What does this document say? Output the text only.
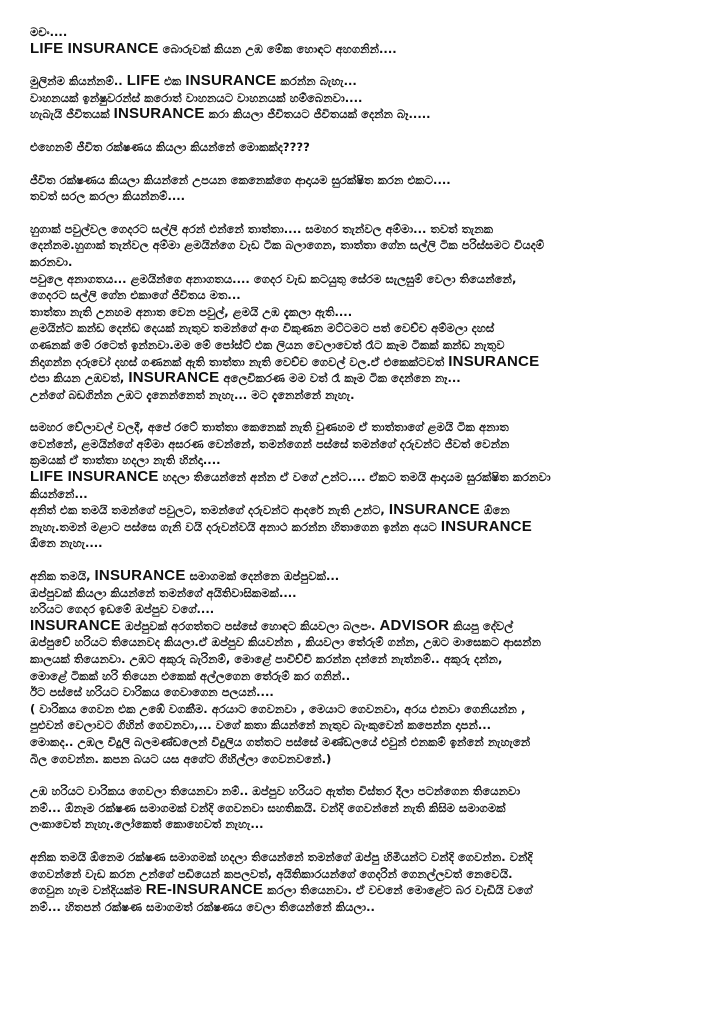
මචං....
LIFE INSURANCE බොරුවක් කියන උඹ මේක හොඳට අහගනින්....
මුලින්ම කියන්නම්.. LIFE එක INSURANCE කරන්න බැහැ...
වාහනයක් ඉන්ෂුවරන්ස් කරොත් වාහනයට වාහනයක් හම්බෙනවා....
හැබැයි ජීවිතයක් INSURANCE කරා කියලා ජීවිතයට ජීවිතයක් දෙන්න බෑ.....
එහෙනම් ජීවිත රක්ෂණය කියලා කියන්නේ මොකක්ද????
ජීවිත රක්ෂණය කියලා කියන්නේ උපයන කෙනෙක්ගෙ ආදායම සුරක්ෂිත කරන එකට....
තවත් සරල කරලා කියන්නම්....
හුගාක් පවුල්වල ගෙදරට සල්ලි අරන් එන්නේ තාත්තා.... සමහර තැන්වල අම්මා... තවත් තැනක
දෙන්නම.හුගාක් තැන්වල අම්මා ළමයින්ගෙ වැඩ ටික බලාගෙන, තාත්තා ගේන සල්ලි ටික පරිස්සමට වියදම්
කරනවා.
පවුලෙ අනාගතය... ළමයින්ගෙ අනාගතය.... ගෙදර වැඩ කටයුතු සේරම සැලසුම් වෙලා තියෙන්නේ,
ගෙදරට සල්ලි ගේන එකාගේ ජීවිතය මත...
තාත්තා නැති උනහම අනාත වෙන පවුල්, ළමයි උඹ දැකලා ඇති....
ළමයින්ට කන්ඩ දෙන්ඩ දෙයක් නැතුව තමන්ගේ අංග විකුණන මට්ටමට පත් වෙච්ච අම්මලා දහස්
ගණනක් මේ රටෙත් ඉන්නවා.මම මේ පෝස්ට් එක ලියන වෙලාවෙත් රෑට කෑම ටිකක් කන්ඩ නැතුව
නිදාගන්න දරුවෝ දහස් ගණනක් ඇති තාත්තා නැති වෙච්ච ගෙවල් වල.ඒ එකෙක්ටවත් INSURANCE
එපා කියන උඹවත්, INSURANCE අලෙවිකරණ මම වත් රෑ කෑම ටික දෙන්නෙ නෑ...
උන්ගේ බඩගින්න උඹට දැනෙන්නෙත් නැහැ... මට දැනෙන්නේ නැහැ.
සමහර වේලාවල් වලදී, අපේ රටේ තාත්තා කෙනෙක් නැති වුණහම ඒ තාත්තාගේ ළමයි ටික අනාත
වෙන්නේ, ළමයින්ගේ අම්මා අසරණ වෙන්නේ, තමන්ගෙන් පස්සේ තමන්ගේ දරුවන්ට ජීවත් වෙන්න
ක්‍රමයක් ඒ තාත්තා හදලා නැති හින්දා....
LIFE INSURANCE හදලා තියෙන්නේ අන්න ඒ වගේ උන්ට.... ඒකට තමයි ආදායම සුරක්ෂිත කරනවා
කියන්නේ...
අනිත් එක තමයි තමන්ගේ පවුලට, තමන්ගේ දරුවන්ට ආදරේ නැති උන්ට, INSURANCE ඕනෙ
නැහැ.තමන් මළාට පස්සෙ ගැනි වයි දරුවන්වයි අනාථ කරන්න හිතාගෙන ඉන්න අයට INSURANCE
ඕනෙ නැහැ....
අනික තමයි, INSURANCE සමාගමක් දෙන්නෙ ඔප්පුවක්...
ඔප්පුවක් කියලා කියන්නේ තමන්ගේ අයිතිවාසිකමක්....
හරියට ගෙදර ඉඩමේ ඔප්පුව වගේ....
INSURANCE ඔප්පුවක් අරගත්තට පස්සේ හොඳට කියවලා බලපං. ADVISOR කියපු දේවල්
ඔප්පුවේ හරියට තියෙනවද කියලා.ඒ ඔප්පුව කියවන්න , කියවලා තේරුම් ගන්න, උඹට මාසෙකට ආසන්න
කාලයක් තියෙනවා. උඹට අකුරු බැරිනම්, මොළේ පාවිච්චි කරන්න දන්නේ නැත්නම්.. අකුරු දන්න,
මොළේ ටිකක් හරි තියෙන එකෙක් අල්ලගෙන තේරුම් කර ගනින්..
ඊට පස්සේ හරියට වාරිකය ගෙවාගෙන පලයන්....
( වාරිකය ගෙවන එක උඹේ වගකීම. අරයාට ගෙවනවා , මෙයාට ගෙවනවා, අරය එනවා ගෙනියන්න ,
පුළුවන් වෙලාවට ගිහින් ගෙවනවා,... වගේ කතා කියන්නේ නැතුව බැංකුවෙන් කපෙන්න දාපන්...
මොකද.. උඹල විදුලි බලමණ්ඩලෙන් විදුලිය ගත්තට පස්සේ මණ්ඩලයේ එවුන් එනකම් ඉන්නේ නැහැනේ
බිල ගෙවන්න. කපන බයට යස අගේට ගිහිල්ලා ගෙවනවනේ.)
උඹ හරියට වාරිකය ගෙවලා තියෙනවා නම්.. ඔප්පුව හරියට ඇත්ත විස්තර දීලා පටන්ගෙන තියෙනවා
නම්... ඕනෑම රක්ෂණ සමාගමක් වන්දි ගෙවනවා සහතිකයි. වන්දි ගෙවන්නේ නැති කිසිම සමාගමක්
ලංකාවෙත් නැහැ.ලෝකෙත් කොහෙවත් නැහැ...
අනික තමයි ඕනෙම රක්ෂණ සමාගමක් හදලා තියෙන්නේ තමන්ගේ ඔප්පු හිමියන්ට වන්දි ගෙවන්න. වන්දි
ගෙවන්නේ වැඩ කරන උන්ගේ පඩියෙන් කපලවත්, අයිතිකාරයන්ගේ ගෙදරින් ගෙනල්ලවත් නෙවෙයි.
ගෙවුන හැම වන්දියක්ම RE-INSURANCE කරලා තියෙනවා. ඒ වචනේ මොළේට බර වැඩියි වගේ
නම්... හිතපන් රක්ෂණ සමාගමත් රක්ෂණය වෙලා තියෙන්නේ කියලා..
